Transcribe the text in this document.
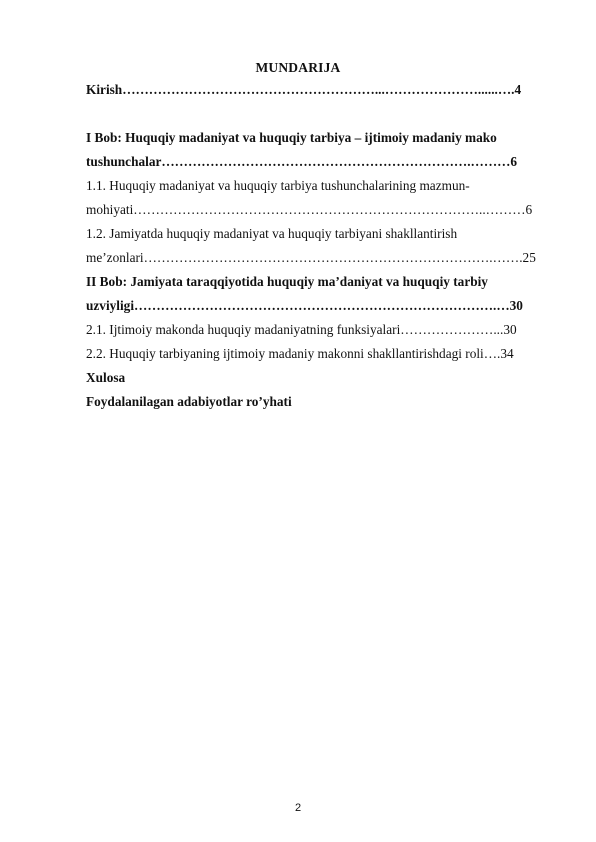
MUNDARIJA
Kirish…………………………………………………...…………………......….4
I Bob: Huquqiy madaniyat va huquqiy tarbiya – ijtimoiy madaniy mako
tushunchalar…………………………………………………………….………6
1.1. Huquqiy madaniyat va huquqiy tarbiya tushunchalarining mazmun-
mohiyati……………………………………………………………………..………6
1.2. Jamiyatda huquqiy madaniyat va huquqiy tarbiyani shakllantirish
me’zonlari…………………………………………………………………….…….25
II Bob: Jamiyata taraqqiyotida huquqiy ma’daniyat va huquqiy tarbiy
uzviyligi……………………………………………………………………….…30
2.1. Ijtimoiy makonda huquqiy madaniyatning funksiyalari…………………...30
2.2. Huquqiy tarbiyaning ijtimoiy madaniy makonni shakllantirishdagi roli….34
Xulosa
Foydalanilagan adabiyotlar ro’yhati
2
